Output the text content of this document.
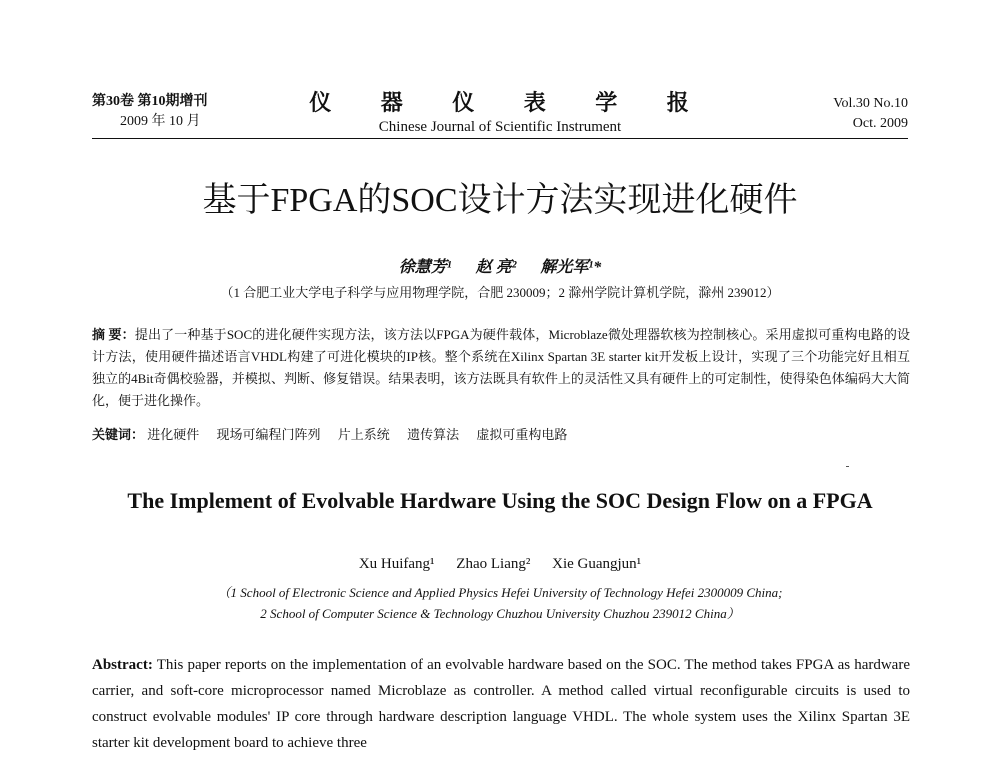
第30卷 第10期增刊
2009 年 10 月
仪 器 仪 表 学 报
Chinese Journal of Scientific Instrument
Vol.30 No.10
Oct. 2009
基于FPGA的SOC设计方法实现进化硬件
徐慧芳¹ 赵 亮² 解光军¹*
（1 合肥工业大学电子科学与应用物理学院，合肥 230009；2 滁州学院计算机学院，滁州 239012）
摘 要：提出了一种基于SOC的进化硬件实现方法，该方法以FPGA为硬件载体，Microblaze微处理器软核为控制核心。采用虚拟可重构电路的设计方法，使用硬件描述语言VHDL构建了可进化模块的IP核。整个系统在Xilinx Spartan 3E starter kit开发板上设计，实现了三个功能完好且相互独立的4Bit奇偶校验器，并模拟、判断、修复错误。结果表明，该方法既具有软件上的灵活性又具有硬件上的可定制性，使得染色体编码大大简化，便于进化操作。
关键词： 进化硬件 现场可编程门阵列 片上系统 遗传算法 虚拟可重构电路
The Implement of Evolvable Hardware Using the SOC Design Flow on a FPGA
Xu Huifang¹ Zhao Liang² Xie Guangjun¹
（1 School of Electronic Science and Applied Physics Hefei University of Technology Hefei 2300009 China;
2 School of Computer Science & Technology Chuzhou University Chuzhou 239012 China）
Abstract: This paper reports on the implementation of an evolvable hardware based on the SOC. The method takes FPGA as hardware carrier, and soft-core microprocessor named Microblaze as controller. A method called virtual reconfigurable circuits is used to construct evolvable modules' IP core through hardware description language VHDL. The whole system uses the Xilinx Spartan 3E starter kit development board to achieve three
